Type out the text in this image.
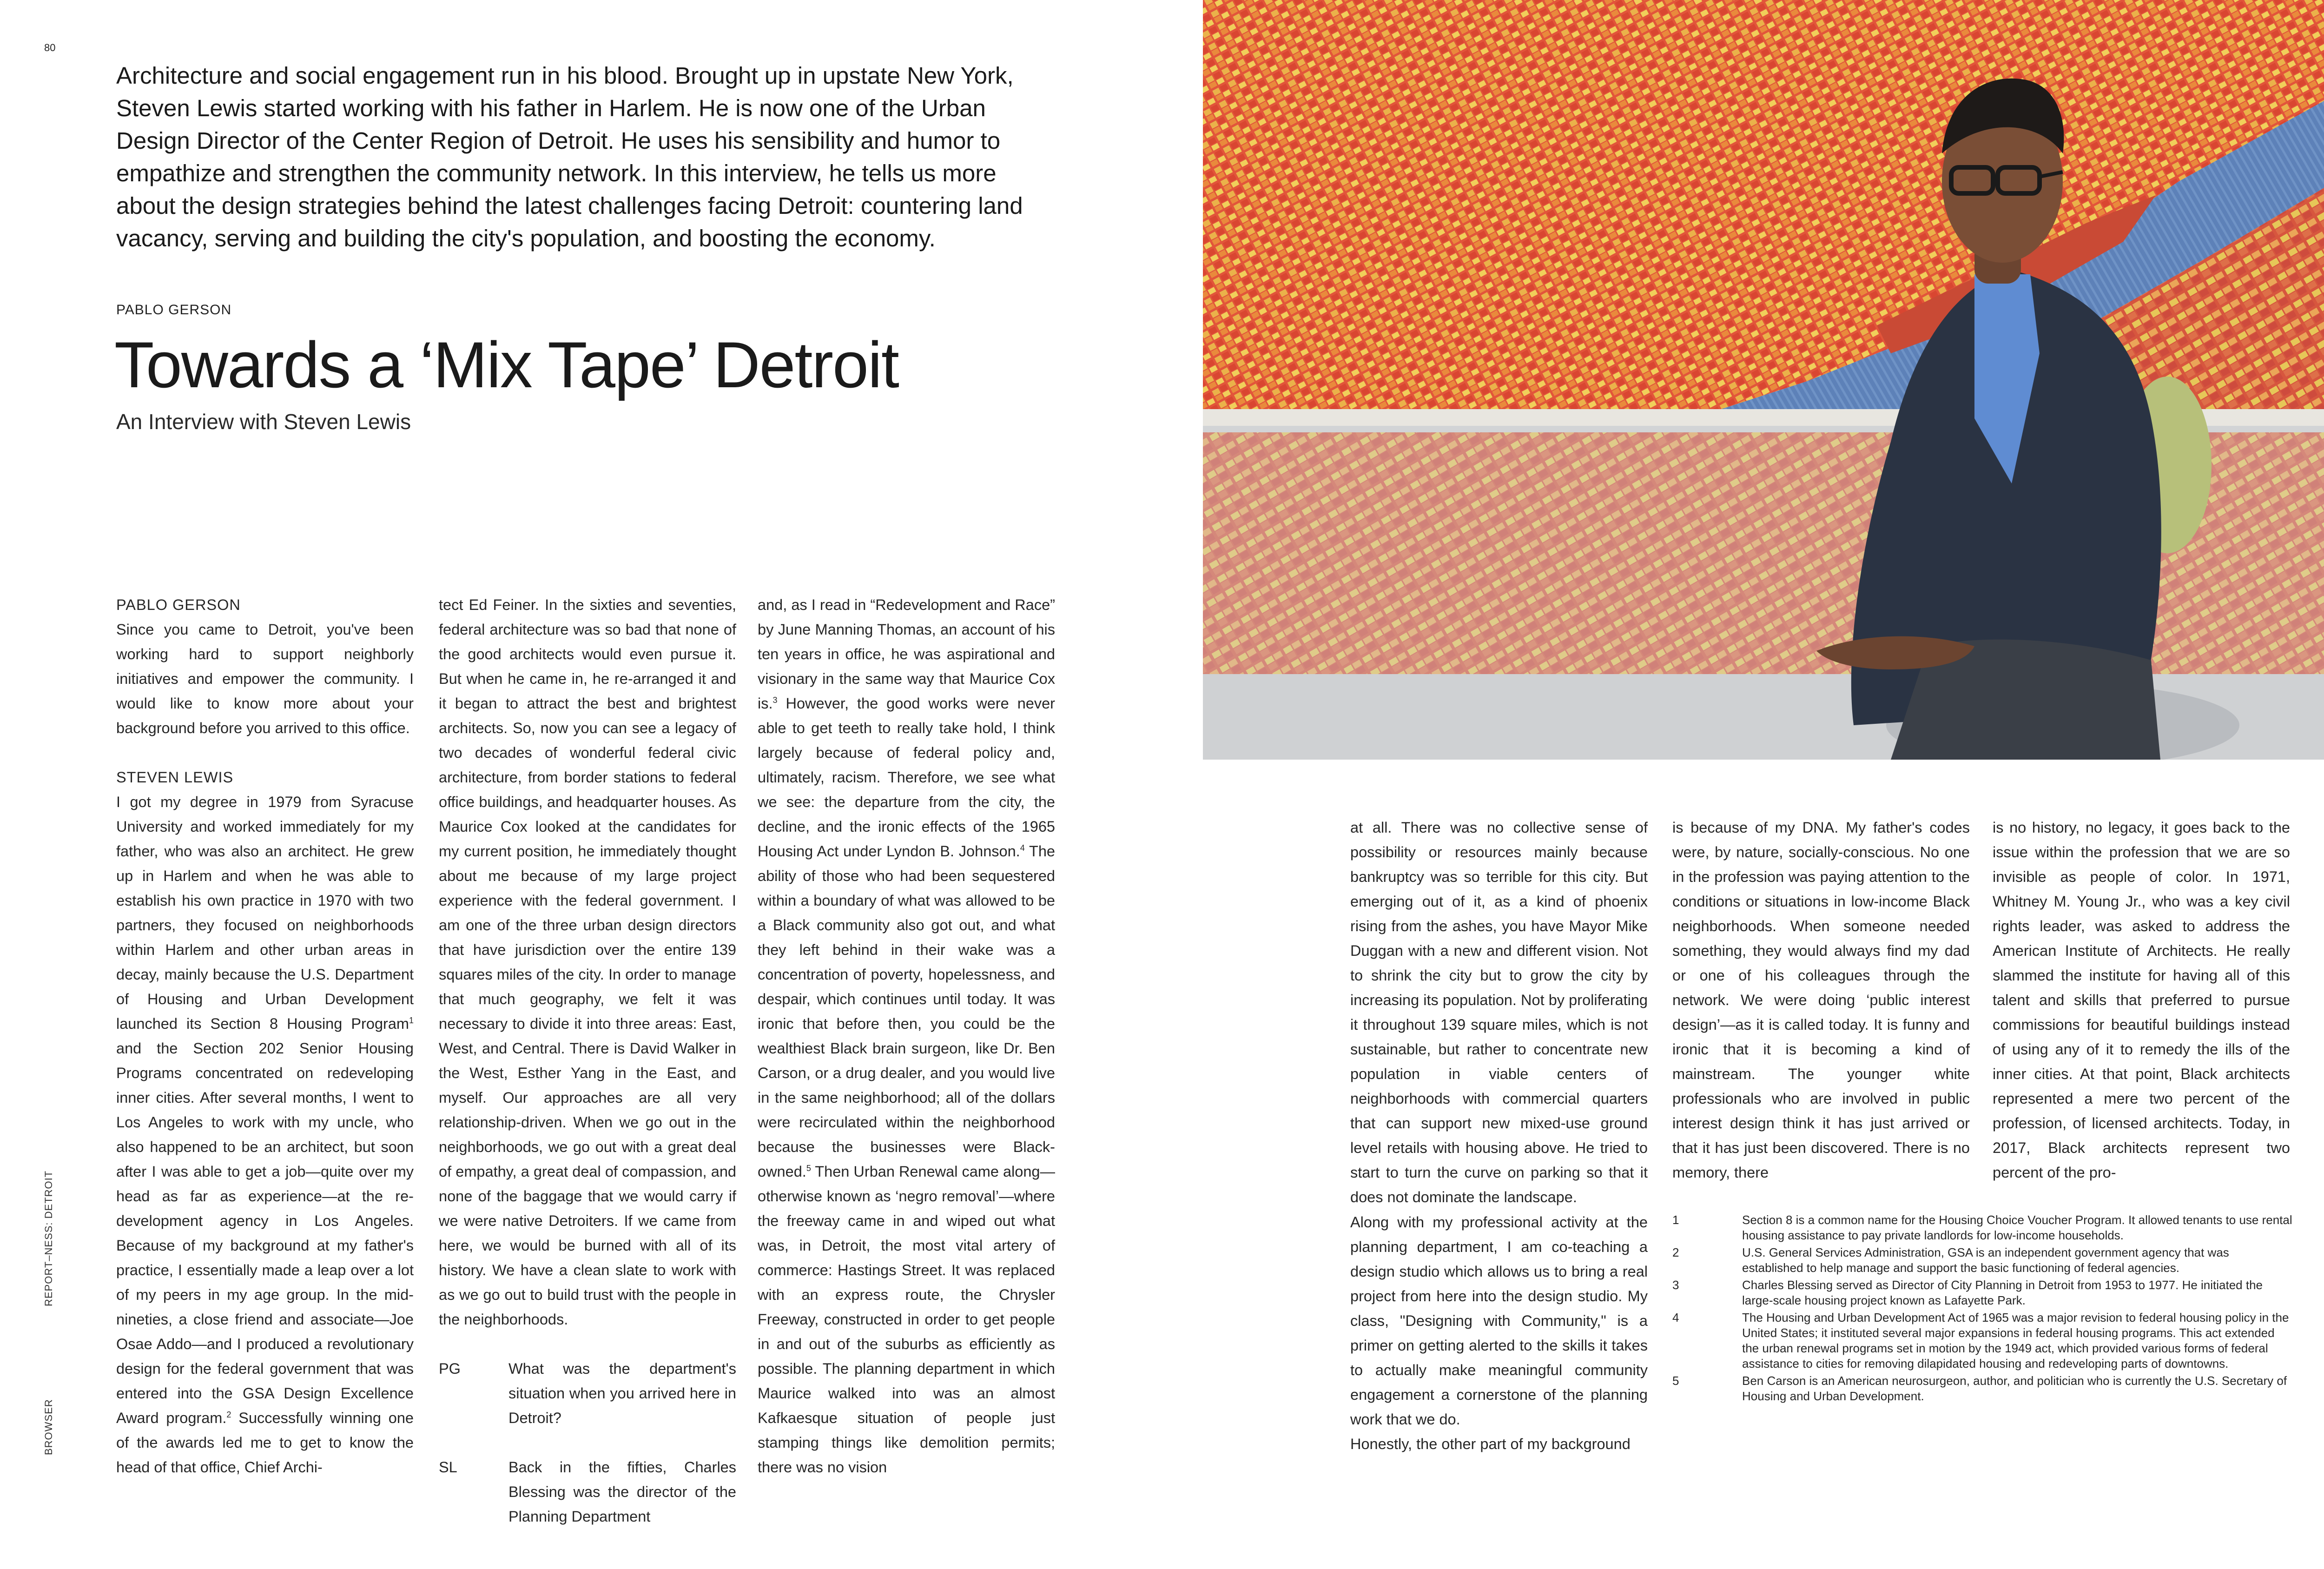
80
Architecture and social engagement run in his blood. Brought up in upstate New York, Steven Lewis started working with his father in Harlem. He is now one of the Urban Design Director of the Center Region of Detroit. He uses his sensibility and humor to empathize and strengthen the community network. In this interview, he tells us more about the design strategies behind the latest challenges facing Detroit: countering land vacancy, serving and building the city's population, and boosting the economy.
PABLO GERSON
Towards a ‘Mix Tape’ Detroit
An Interview with Steven Lewis
REPORT–NESS: DETROIT
BROWSER

PABLO GERSON

Since you came to Detroit, you've been working hard to support neighborly initiatives and empower the community. I would like to know more about your background before you arrived to this office.

STEVEN LEWIS

I got my degree in 1979 from Syracuse University and worked immediately for my father, who was also an architect. He grew up in Harlem and when he was able to establish his own practice in 1970 with two partners, they focused on neighborhoods within Harlem and other urban areas in decay, mainly because the U.S. Department of Housing and Urban Development launched its Section 8 Housing Program$^1$ and the Section 202 Senior Housing Programs concentrated on redeveloping inner cities. After several months, I went to Los Angeles to work with my uncle, who also happened to be an architect, but soon after I was able to get a job—quite over my head as far as experience—at the re-development agency in Los Angeles. Because of my background at my father's practice, I essentially made a leap over a lot of my peers in my age group. In the mid-nineties, a close friend and associate—Joe Osae Addo—and I produced a revolutionary design for the federal government that was entered into the GSA Design Excellence Award program.$^2$ Successfully winning one of the awards led me to get to know the head of that office, Chief Archi-

tect Ed Feiner. In the sixties and seventies, federal architecture was so bad that none of the good architects would even pursue it. But when he came in, he re-arranged it and it began to attract the best and brightest architects. So, now you can see a legacy of two decades of wonderful federal civic architecture, from border stations to federal office buildings, and headquarter houses. As Maurice Cox looked at the candidates for my current position, he immediately thought about me because of my large project experience with the federal government. I am one of the three urban design directors that have jurisdiction over the entire 139 squares miles of the city. In order to manage that much geography, we felt it was necessary to divide it into three areas: East, West, and Central. There is David Walker in the West, Esther Yang in the East, and myself. Our approaches are all very relationship-driven. When we go out in the neighborhoods, we go out with a great deal of empathy, a great deal of compassion, and none of the baggage that we would carry if we were native Detroiters. If we came from here, we would be burned with all of its history. We have a clean slate to work with as we go out to build trust with the people in the neighborhoods.

PG	What was the department's situation when you arrived here in Detroit?
SL	Back in the fifties, Charles Blessing was the director of the Planning Department

and, as I read in “Redevelopment and Race” by June Manning Thomas, an account of his ten years in office, he was aspirational and visionary in the same way that Maurice Cox is.$^3$ However, the good works were never able to get teeth to really take hold, I think largely because of federal policy and, ultimately, racism. Therefore, we see what we see: the departure from the city, the decline, and the ironic effects of the 1965 Housing Act under Lyndon B. Johnson.$^4$ The ability of those who had been sequestered within a boundary of what was allowed to be a Black community also got out, and what they left behind in their wake was a concentration of poverty, hopelessness, and despair, which continues until today. It was ironic that before then, you could be the wealthiest Black brain surgeon, like Dr. Ben Carson, or a drug dealer, and you would live in the same neighborhood; all of the dollars were recirculated within the neighborhood because the businesses were Black-owned.$^5$ Then Urban Renewal came along—otherwise known as ‘negro removal’—where the freeway came in and wiped out what was, in Detroit, the most vital artery of commerce: Hastings Street. It was replaced with an express route, the Chrysler Freeway, constructed in order to get people in and out of the suburbs as efficiently as possible. The planning department in which Maurice walked into was an almost Kafkaesque situation of people just stamping things like demolition permits; there was no vision

at all. There was no collective sense of possibility or resources mainly because bankruptcy was so terrible for this city. But emerging out of it, as a kind of phoenix rising from the ashes, you have Mayor Mike Duggan with a new and different vision. Not to shrink the city but to grow the city by increasing its population. Not by proliferating it throughout 139 square miles, which is not sustainable, but rather to concentrate new population in viable centers of neighborhoods with commercial quarters that can support new mixed-use ground level retails with housing above. He tried to start to turn the curve on parking so that it does not dominate the landscape.

Along with my professional activity at the planning department, I am co-teaching a design studio which allows us to bring a real project from here into the design studio. My class, "Designing with Community," is a primer on getting alerted to the skills it takes to actually make meaningful community engagement a cornerstone of the planning work that we do.

Honestly, the other part of my background

is because of my DNA. My father's codes were, by nature, socially-conscious. No one in the profession was paying attention to the conditions or situations in low-income Black neighborhoods. When someone needed something, they would always find my dad or one of his colleagues through the network. We were doing ‘public interest design’—as it is called today. It is funny and ironic that it is becoming a kind of mainstream. The younger white professionals who are involved in public interest design think it has just arrived or that it has just been discovered. There is no memory, there

is no history, no legacy, it goes back to the issue within the profession that we are so invisible as people of color. In 1971, Whitney M. Young Jr., who was a key civil rights leader, was asked to address the American Institute of Architects. He really slammed the institute for having all of this talent and skills that preferred to pursue commissions for beautiful buildings instead of using any of it to remedy the ills of the inner cities. At that point, Black architects represented a mere two percent of the profession, of licensed architects. Today, in 2017, Black architects represent two percent of the pro-

1	Section 8 is a common name for the Housing Choice Voucher Program. It allowed tenants to use rental housing assistance to pay private landlords for low-income households.
2	U.S. General Services Administration, GSA is an independent government agency that was established to help manage and support the basic functioning of federal agencies.
3	Charles Blessing served as Director of City Planning in Detroit from 1953 to 1977. He initiated the large-scale housing project known as Lafayette Park.
4	The Housing and Urban Development Act of 1965 was a major revision to federal housing policy in the United States; it instituted several major expansions in federal housing programs. This act extended the urban renewal programs set in motion by the 1949 act, which provided various forms of federal assistance to cities for removing dilapidated housing and redeveloping parts of downtowns.
5	Ben Carson is an American neurosurgeon, author, and politician who is currently the U.S. Secretary of Housing and Urban Development.
